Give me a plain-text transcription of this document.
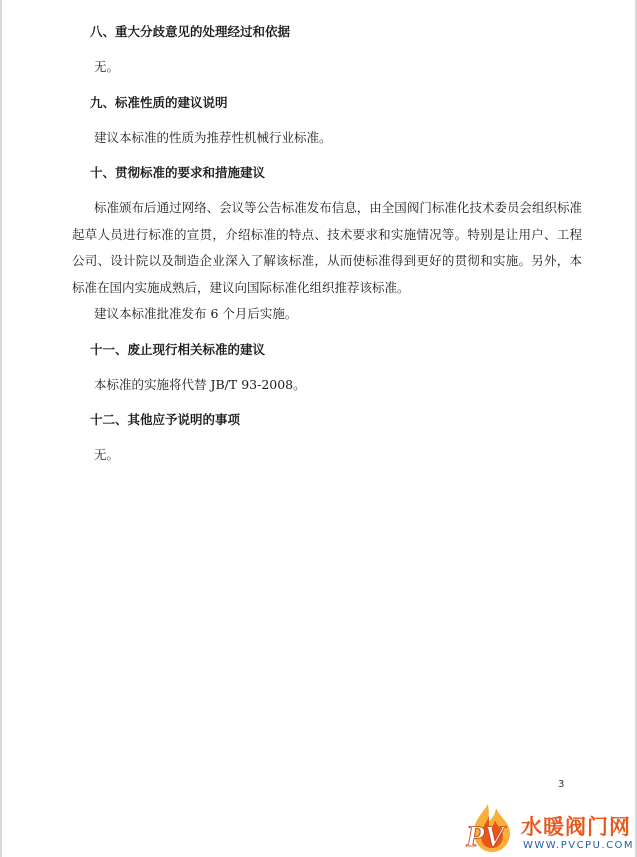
八、重大分歧意见的处理经过和依据

无。

九、标准性质的建议说明

建议本标准的性质为推荐性机械行业标准。

十、贯彻标准的要求和措施建议

标准颁布后通过网络、会议等公告标准发布信息，由全国阀门标准化技术委员会组织标准起草人员进行标准的宣贯，介绍标准的特点、技术要求和实施情况等。特别是让用户、工程公司、设计院以及制造企业深入了解该标准，从而使标准得到更好的贯彻和实施。另外，本标准在国内实施成熟后，建议向国际标准化组织推荐该标准。

建议本标准批准发布 6 个月后实施。

十一、废止现行相关标准的建议

本标准的实施将代替 JB/T 93-2008。

十二、其他应予说明的事项

无。

3
PV 水暖阀门网
WWW.PVCPU.COM
